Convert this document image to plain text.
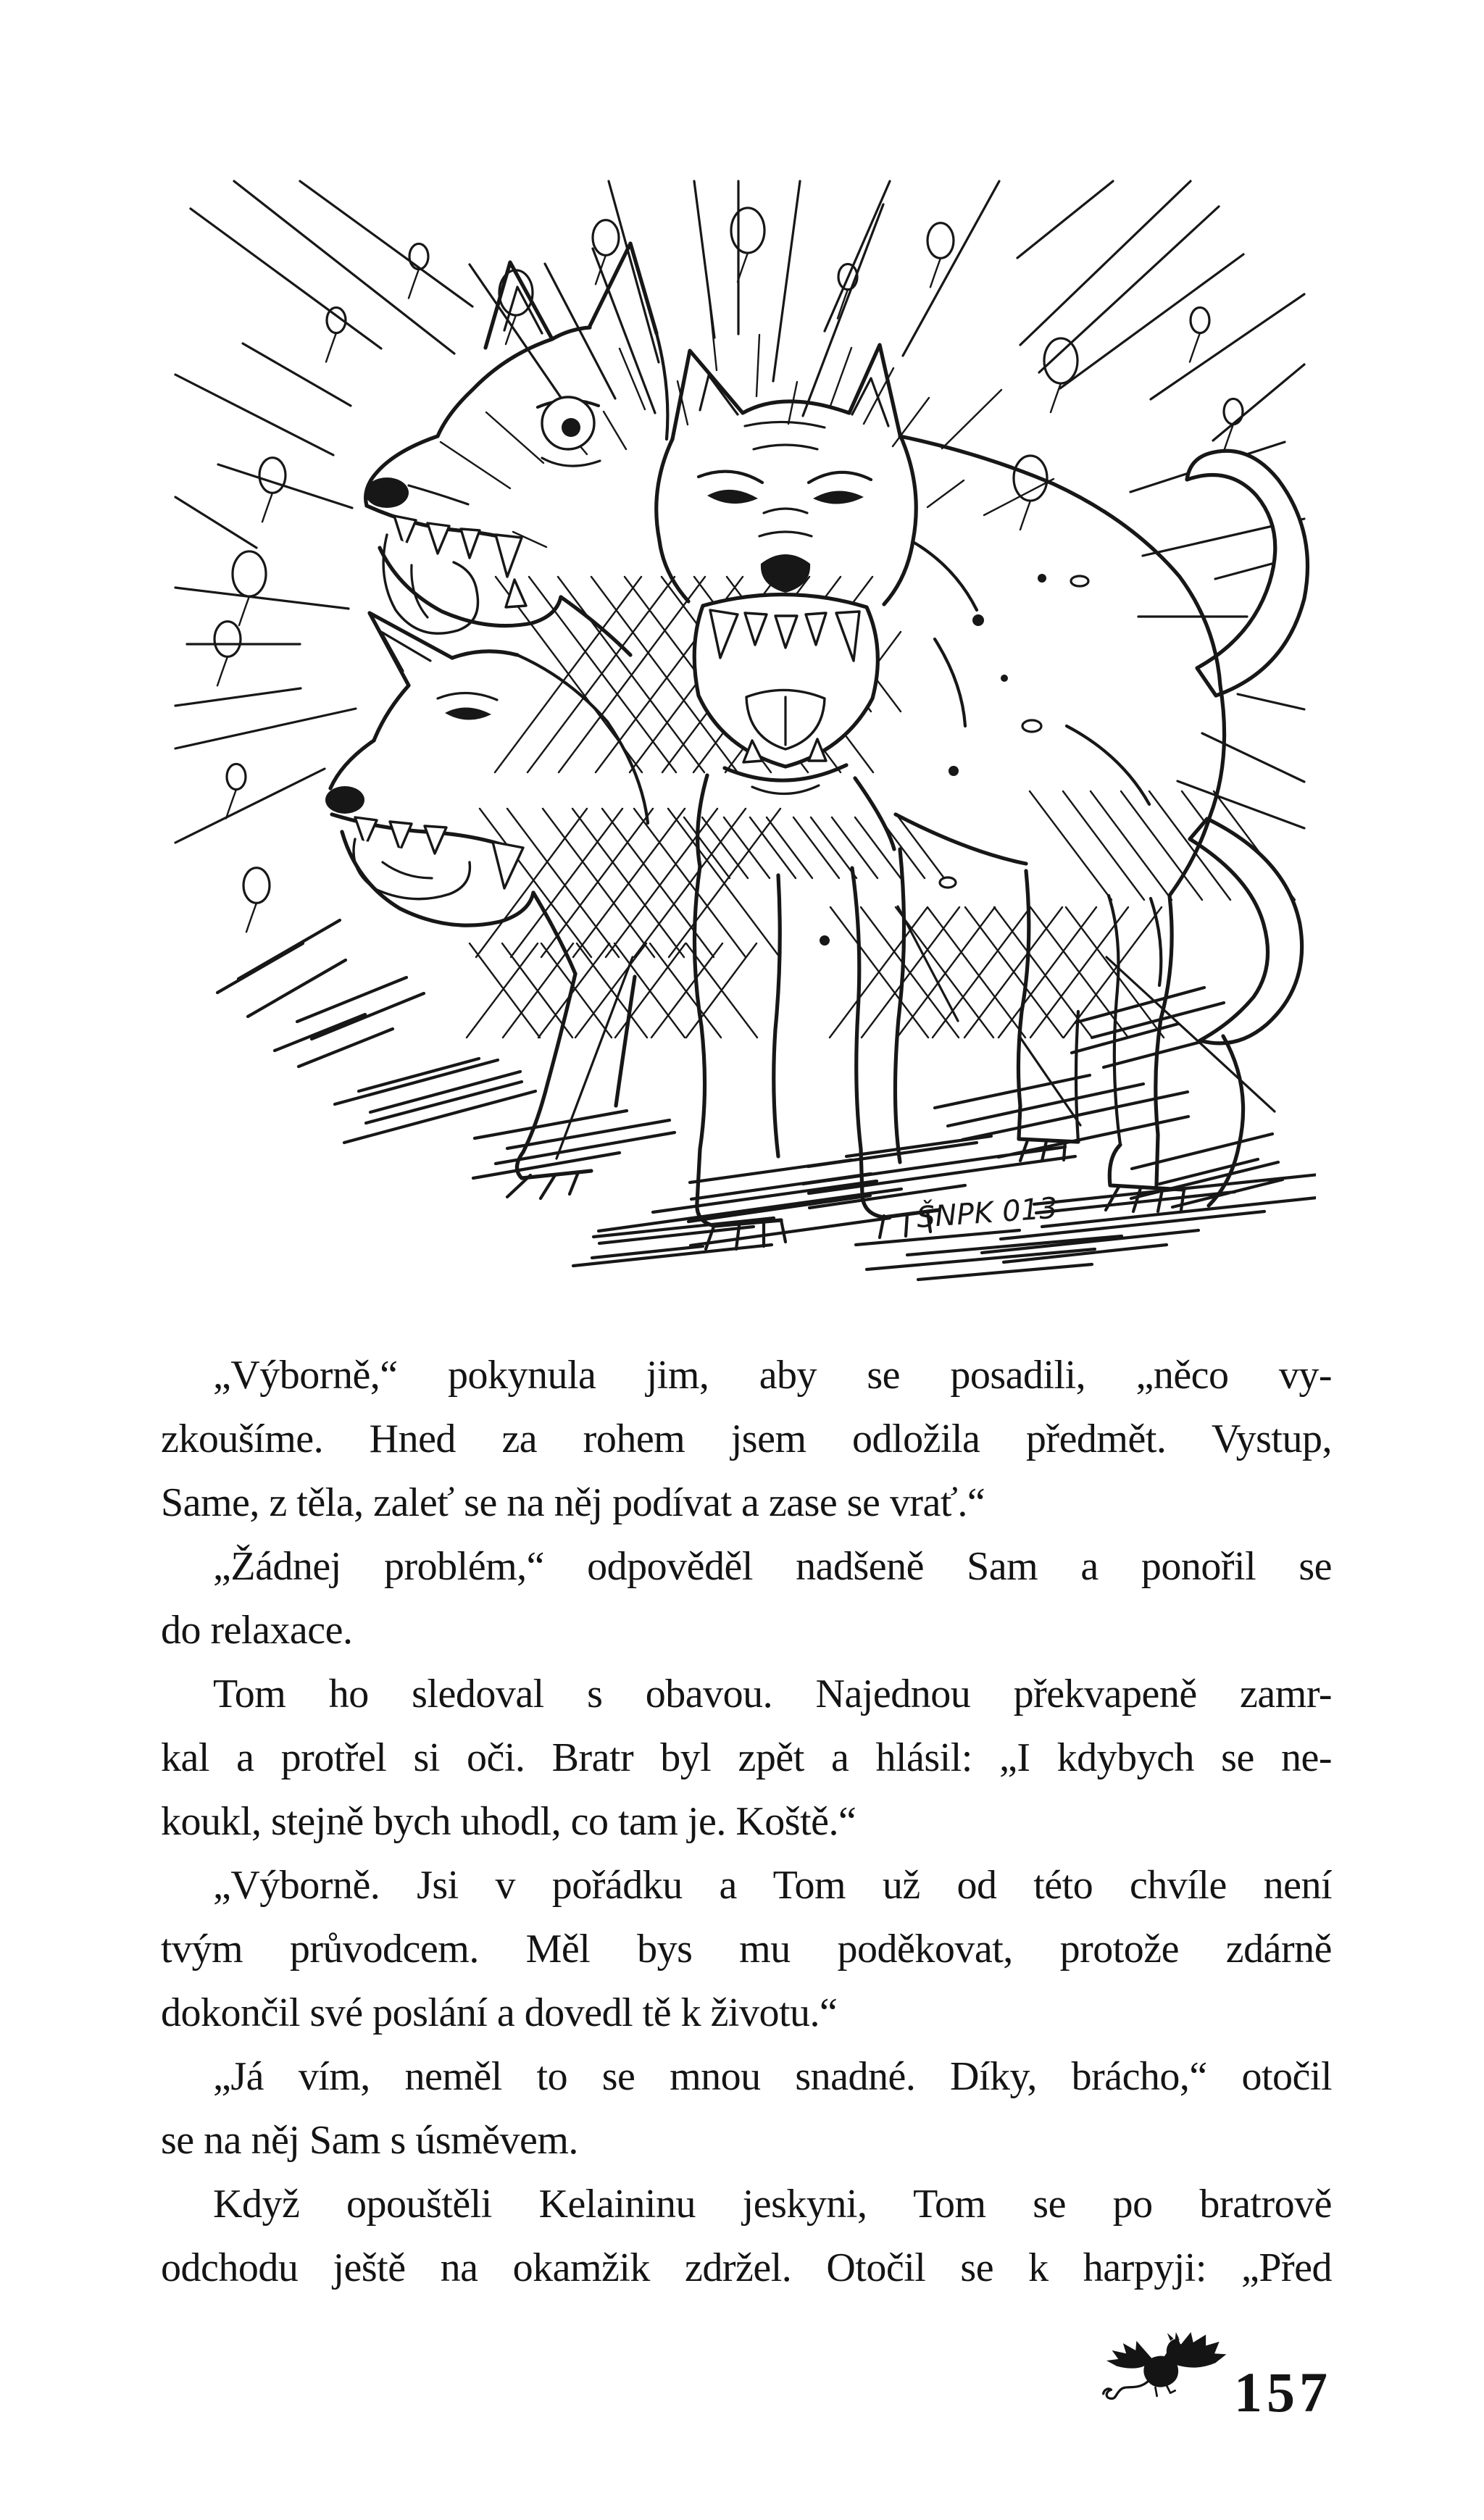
ŠNPK 013
„Výborně,“ pokynula jim, aby se posadili, „něco vy-
zkoušíme. Hned za rohem jsem odložila předmět. Vystup,
Same, z těla, zaleť se na něj podívat a zase se vrať.“
„Žádnej problém,“ odpověděl nadšeně Sam a ponořil se
do relaxace.
Tom ho sledoval s obavou. Najednou překvapeně zamr-
kal a protřel si oči. Bratr byl zpět a hlásil: „I kdybych se ne-
koukl, stejně bych uhodl, co tam je. Koště.“
„Výborně. Jsi v pořádku a Tom už od této chvíle není
tvým průvodcem. Měl bys mu poděkovat, protože zdárně
dokončil své poslání a dovedl tě k životu.“
„Já vím, neměl to se mnou snadné. Díky, brácho,“ otočil
se na něj Sam s úsměvem.
Když opouštěli Kelaininu jeskyni, Tom se po bratrově
odchodu ještě na okamžik zdržel. Otočil se k harpyji: „Před
157
